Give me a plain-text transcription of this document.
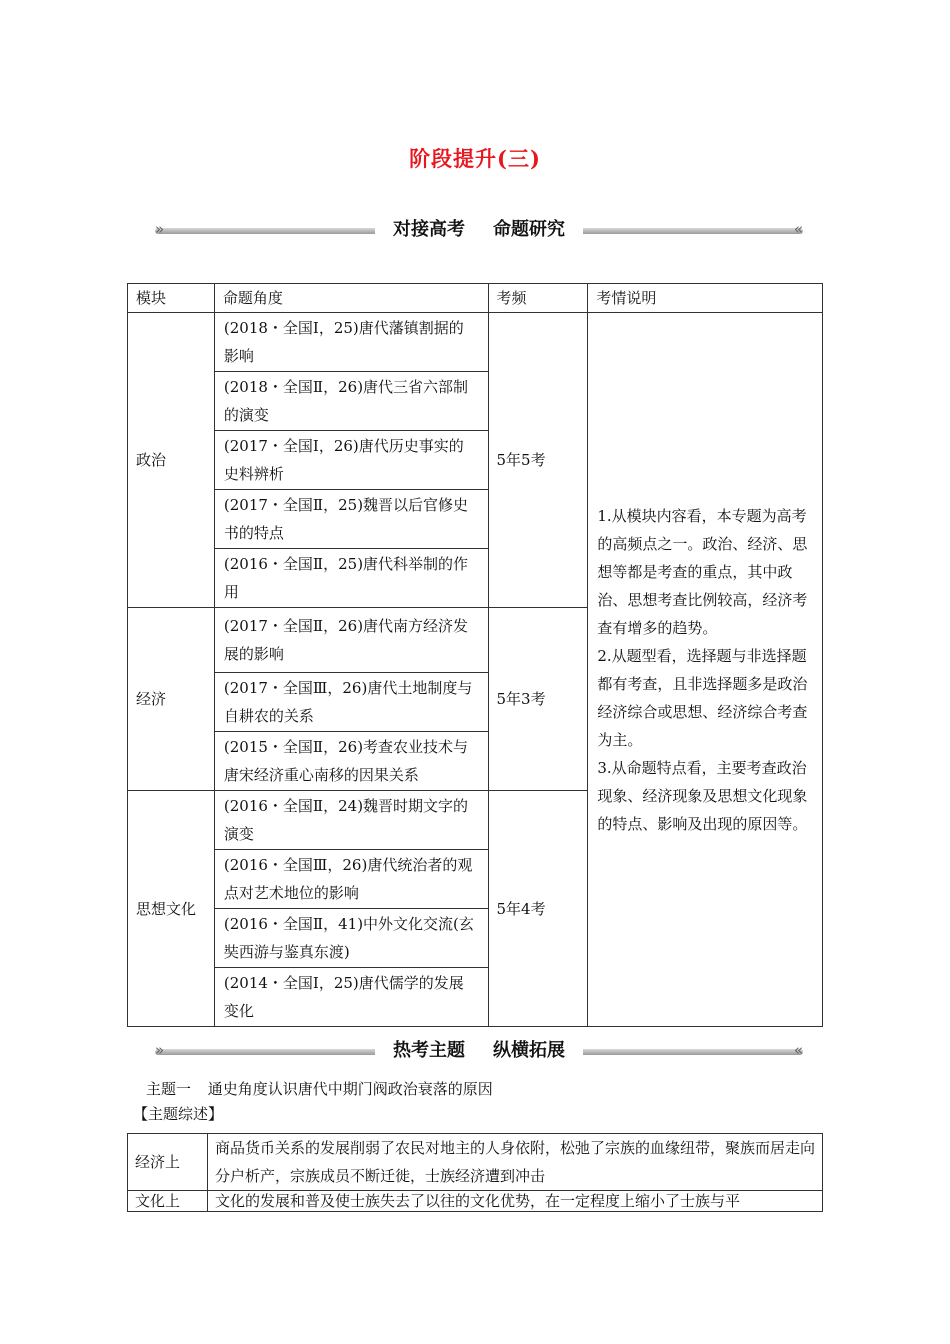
阶段提升(三)
»	«
对接高考 命题研究
模块	命题角度	考频	考情说明
政治	(2018・全国Ⅰ，25)唐代藩镇割据的影响	5年5考	1.从模块内容看，本专题为高考的高频点之一。政治、经济、思想等都是考查的重点，其中政治、思想考查比例较高，经济考查有增多的趋势。
2.从题型看，选择题与非选择题都有考查，且非选择题多是政治经济综合或思想、经济综合考查为主。
3.从命题特点看，主要考查政治现象、经济现象及思想文化现象的特点、影响及出现的原因等。

	(2018・全国Ⅱ，26)唐代三省六部制的演变		
	(2017・全国Ⅰ，26)唐代历史事实的史料辨析		
	(2017・全国Ⅱ，25)魏晋以后官修史书的特点		
	(2016・全国Ⅱ，25)唐代科举制的作用		
经济	(2017・全国Ⅱ，26)唐代南方经济发展的影响	5年3考	
	(2017・全国Ⅲ，26)唐代土地制度与自耕农的关系		
	(2015・全国Ⅱ，26)考查农业技术与唐宋经济重心南移的因果关系		
思想文化	(2016・全国Ⅱ，24)魏晋时期文字的演变	5年4考	
	(2016・全国Ⅲ，26)唐代统治者的观点对艺术地位的影响		
	(2016・全国Ⅱ，41)中外文化交流(玄奘西游与鉴真东渡)		
	(2014・全国Ⅰ，25)唐代儒学的发展变化		
»	«
热考主题 纵横拓展
主题一 通史角度认识唐代中期门阀政治衰落的原因
【主题综述】
经济上	商品货币关系的发展削弱了农民对地主的人身依附，松弛了宗族的血缘纽带，聚族而居走向分户析产，宗族成员不断迁徙，士族经济遭到冲击
文化上	文化的发展和普及使士族失去了以往的文化优势，在一定程度上缩小了士族与平
